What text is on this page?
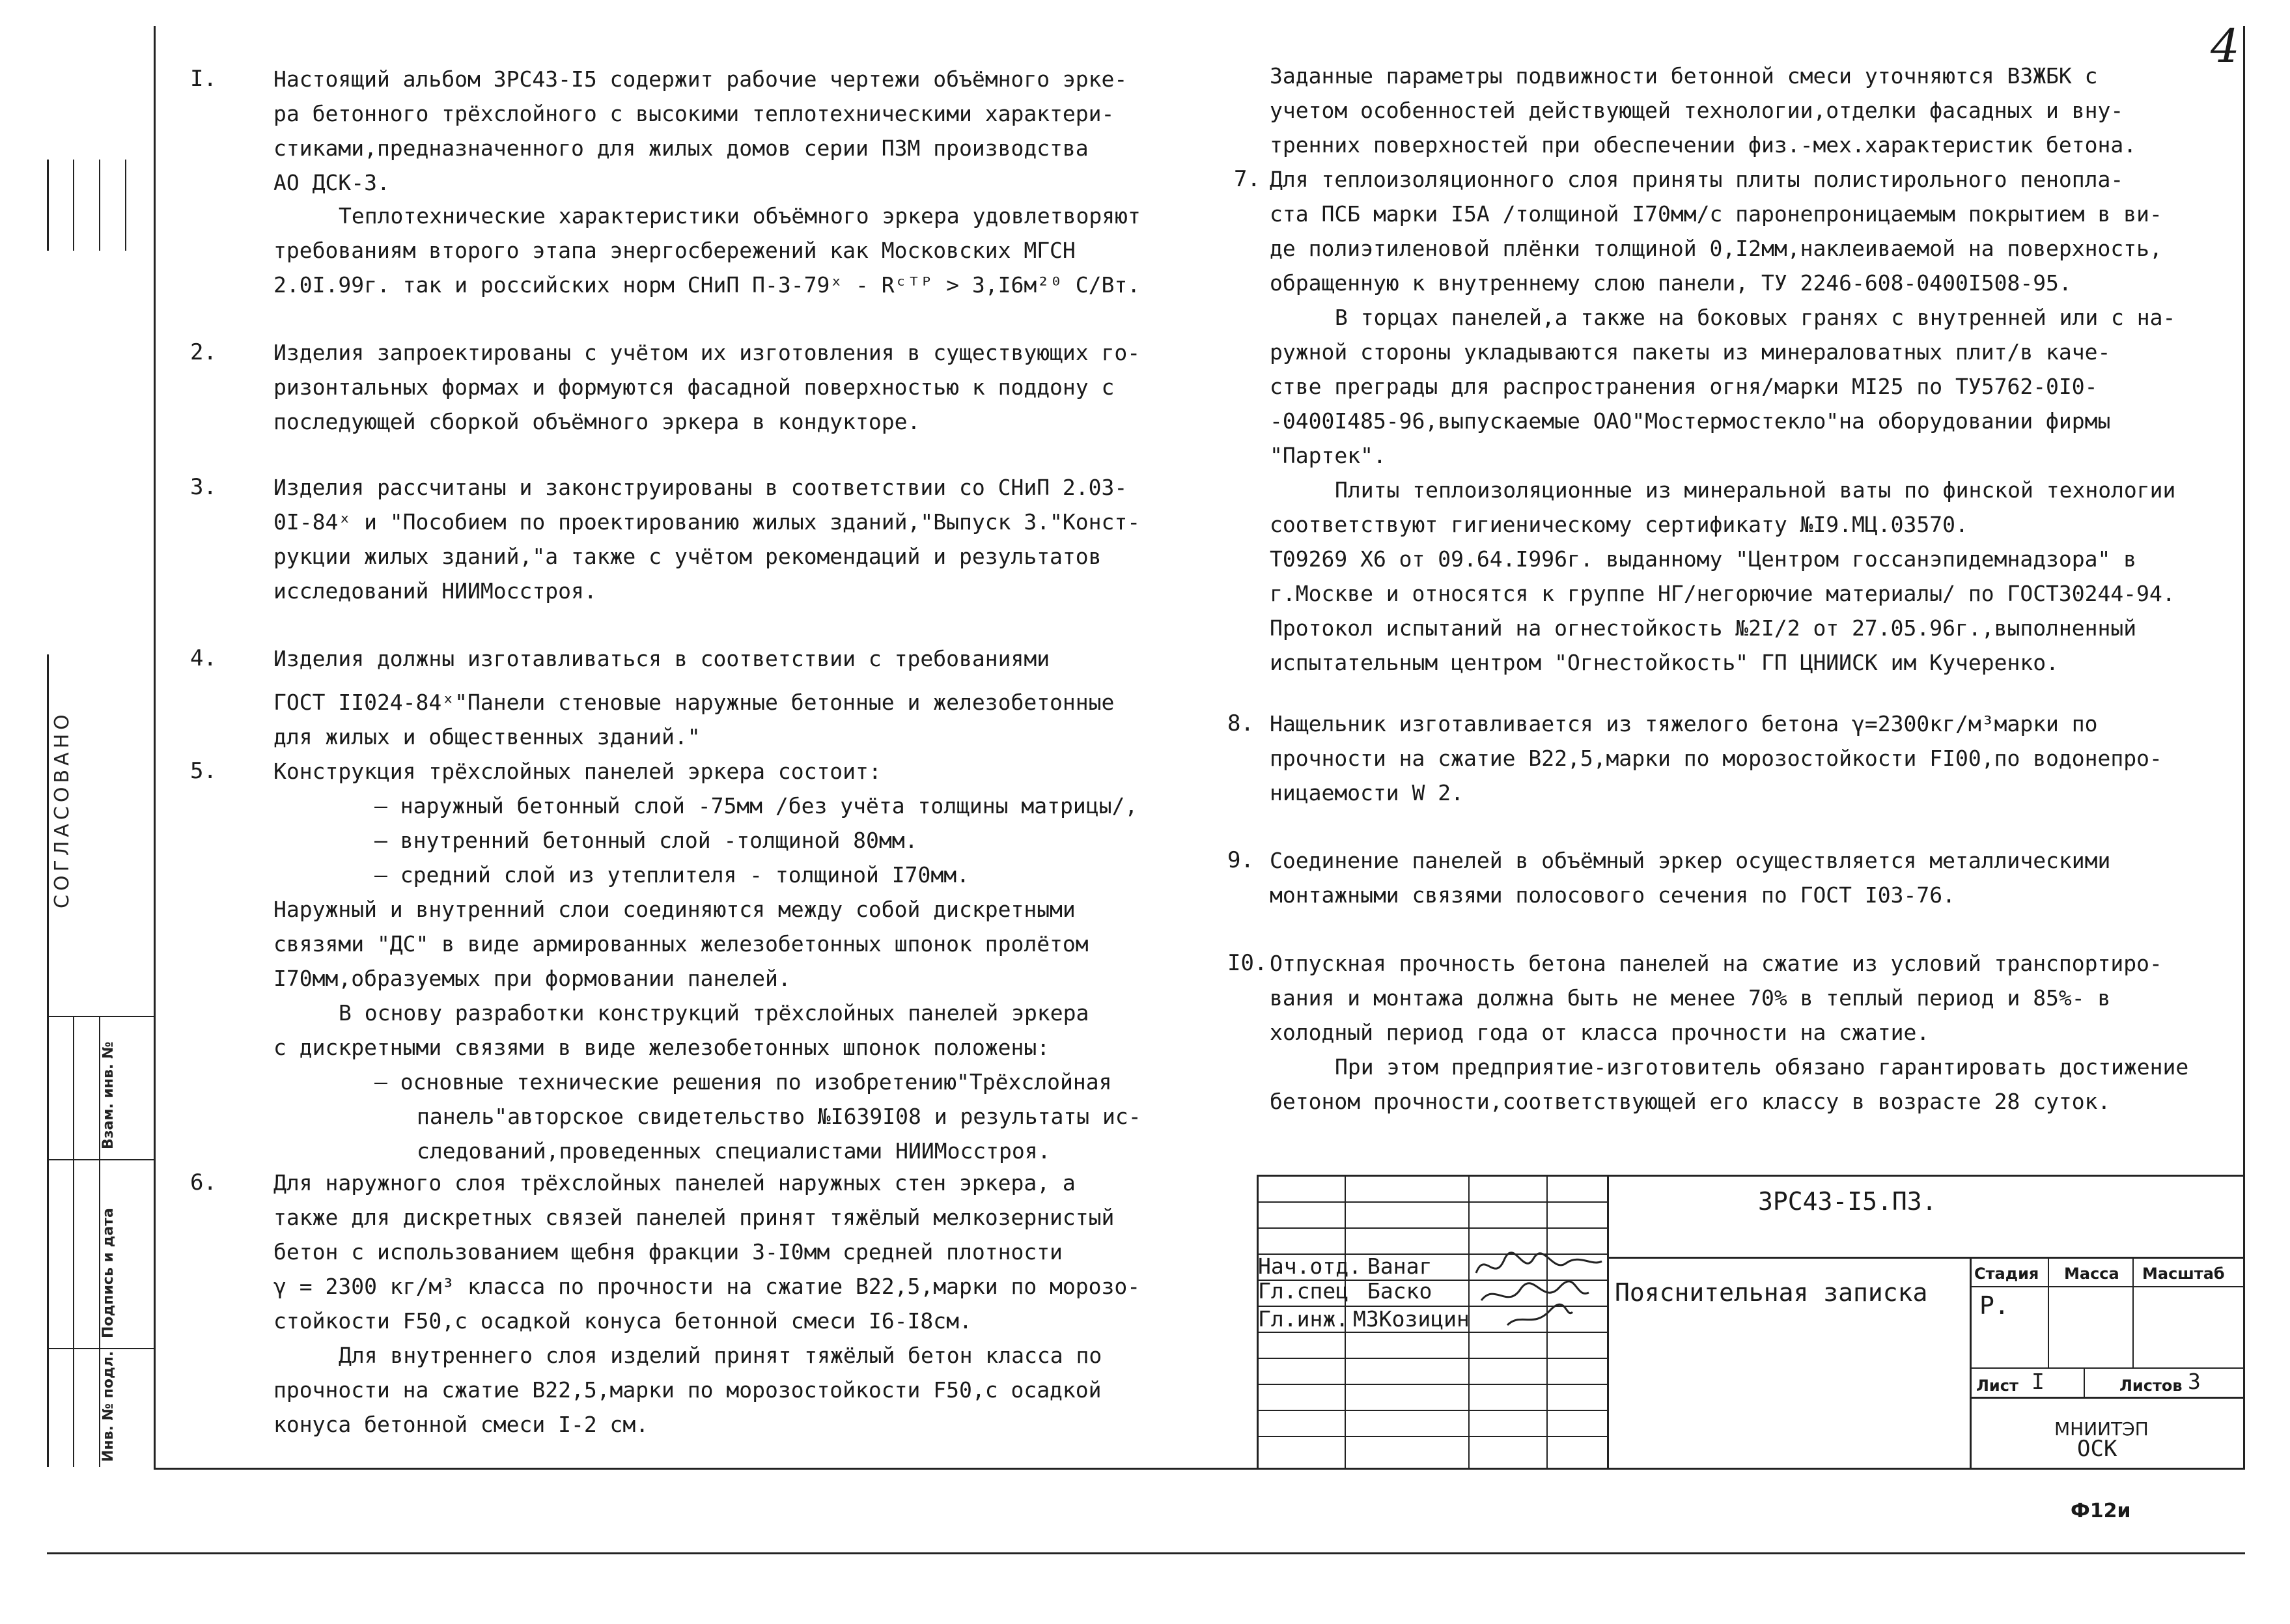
4
СОГЛАСОВАНО
Взам. инв. №
Подпись и дата
Инв. № подл.
I.	Настоящий альбом ЗРС43-I5 содержит рабочие чертежи объёмного эрке-
ра бетонного трёхслойного с высокими теплотехническими характери-
стиками,предназначенного для жилых домов серии ПЗМ производства
АО ДСК-3.
Теплотехнические характеристики объёмного эркера удовлетворяют
требованиям второго этапа энергосбережений как Московских МГСН
2.0I.99г. так и российских норм СНиП П-3-79ˣ - Rᶜᵀᴾ > 3,I6м²⁰ С/Вт.
2.	Изделия запроектированы с учётом их изготовления в существующих го-
ризонтальных формах и формуются фасадной поверхностью к поддону с
последующей сборкой объёмного эркера в кондукторе.
3.	Изделия рассчитаны и законструированы в соответствии со СНиП 2.03-
0I-84ˣ и "Пособием по проектированию жилых зданий,"Выпуск 3."Конст-
рукции жилых зданий,"а также с учётом рекомендаций и результатов
исследований НИИМосстроя.
4.	Изделия должны изготавливаться в соответствии с требованиями
ГОСТ II024-84ˣ"Панели стеновые наружные бетонные и железобетонные
для жилых и общественных зданий."
5.	Конструкция трёхслойных панелей эркера состоит:
– наружный бетонный слой -75мм /без учёта толщины матрицы/,
– внутренний бетонный слой -толщиной 80мм.
– средний слой из утеплителя - толщиной I70мм.
Наружный и внутренний слои соединяются между собой дискретными
связями "ДС" в виде армированных железобетонных шпонок пролётом
I70мм,образуемых при формовании панелей.
В основу разработки конструкций трёхслойных панелей эркера
с дискретными связями в виде железобетонных шпонок положены:
– основные технические решения по изобретению"Трёхслойная
панель"авторское свидетельство №I639I08 и результаты ис-
следований,проведенных специалистами НИИМосстроя.
6.	Для наружного слоя трёхслойных панелей наружных стен эркера, а
также для дискретных связей панелей принят тяжёлый мелкозернистый
бетон с использованием щебня фракции 3-I0мм средней плотности
γ = 2300 кг/м³ класса по прочности на сжатие В22,5,марки по морозо-
стойкости F50,с осадкой конуса бетонной смеси I6-I8см.
Для внутреннего слоя изделий принят тяжёлый бетон класса по
прочности на сжатие В22,5,марки по морозостойкости F50,с осадкой
конуса бетонной смеси I-2 см.
Заданные параметры подвижности бетонной смеси уточняются ВЗЖБК с
учетом особенностей действующей технологии,отделки фасадных и вну-
тренних поверхностей при обеспечении физ.-мех.характеристик бетона.
7. Для теплоизоляционного слоя приняты плиты полистирольного пенопла-
ста ПСБ марки I5А /толщиной I70мм/с паронепроницаемым покрытием в ви-
де полиэтиленовой плёнки толщиной 0,I2мм,наклеиваемой на поверхность,
обращенную к внутреннему слою панели, ТУ 2246-608-0400I508-95.
В торцах панелей,а также на боковых гранях с внутренней или с на-
ружной стороны укладываются пакеты из минераловатных плит/в каче-
стве преграды для распространения огня/марки МI25 по ТУ5762-0I0-
-0400I485-96,выпускаемые ОАО"Мостермостекло"на оборудовании фирмы
"Партек".
Плиты теплоизоляционные из минеральной ваты по финской технологии
соответствуют гигиеническому сертификату №I9.МЦ.03570.
Т09269 Х6 от 09.64.I996г. выданному "Центром госсанэпидемнадзора" в
г.Москве и относятся к группе НГ/негорючие материалы/ по ГОСТ30244-94.
Протокол испытаний на огнестойкость №2I/2 от 27.05.96г.,выполненный
испытательным центром "Огнестойкость" ГП ЦНИИСК им Кучеренко.
8. Нащельник изготавливается из тяжелого бетона γ=2300кг/м³марки по
прочности на сжатие В22,5,марки по морозостойкости FI00,по водонепро-
ницаемости W 2.
9. Соединение панелей в объёмный эркер осуществляется металлическими
монтажными связями полосового сечения по ГОСТ I03-76.
I0. Отпускная прочность бетона панелей на сжатие из условий транспортиро-
вания и монтажа должна быть не менее 70% в теплый период и 85%- в
холодный период года от класса прочности на сжатие.
При этом предприятие-изготовитель обязано гарантировать достижение
бетоном прочности,соответствующей его классу в возрасте 28 суток.
ЗРС43-I5.ПЗ.
Пояснительная записка
Нач.отд. Ванаг
Гл.спец Баско
Гл.инж. МЗКозицин
Стадия Масса Масштаб
Р.
Лист I	Листов 3
МНИИТЭП
ОСК
Ф12и
